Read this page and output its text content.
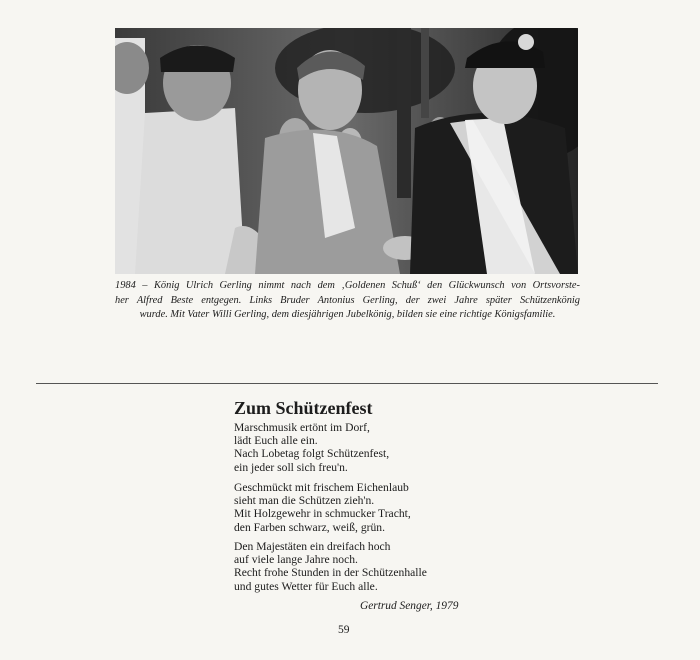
1984 – König Ulrich Gerling nimmt nach dem ‚Goldenen Schuß‘ den Glückwunsch von Ortsvorste-
her Alfred Beste entgegen. Links Bruder Antonius Gerling, der zwei Jahre später Schützenkönig
wurde. Mit Vater Willi Gerling, dem diesjährigen Jubelkönig, bilden sie eine richtige Königsfamilie.

Zum Schützenfest

Marschmusik ertönt im Dorf,
lädt Euch alle ein.
Nach Lobetag folgt Schützenfest,
ein jeder soll sich freu'n.

Geschmückt mit frischem Eichenlaub
sieht man die Schützen zieh'n.
Mit Holzgewehr in schmucker Tracht,
den Farben schwarz, weiß, grün.

Den Majestäten ein dreifach hoch
auf viele lange Jahre noch.
Recht frohe Stunden in der Schützenhalle
und gutes Wetter für Euch alle.

Gertrud Senger, 1979

59
